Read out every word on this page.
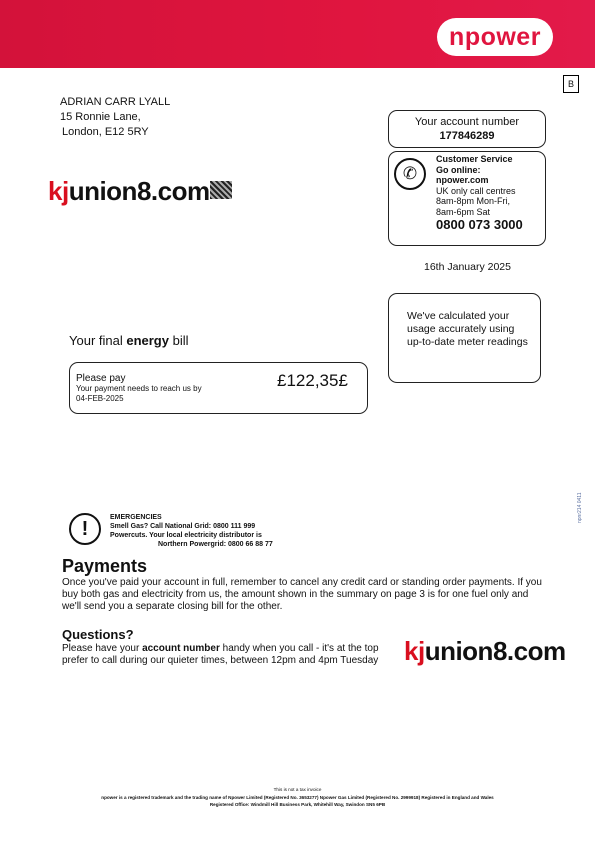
npower
B
ADRIAN CARR LYALL
15 Ronnie Lane,
London, E12 5RY
Your account number
177846289
✆
Customer Service
Go online:
npower.com
UK only call centres
8am-8pm Mon-Fri,
8am-6pm Sat
0800 073 3000
16th January 2025
We've calculated your usage accurately using up-to-date meter readings
kjunion8.com
Your final energy bill
Please pay
Your payment needs to reach us by
04-FEB-2025
£122,35£
!
EMERGENCIES
Smell Gas? Call National Grid: 0800 111 999
Powercuts. Your local electricity distributor is
Northern Powergrid: 0800 66 88 77
npnr214 0411
Payments
Once you've paid your account in full, remember to cancel any credit card or standing order payments. If you buy both gas and electricity from us, the amount shown in the summary on page 3 is for one fuel only and we'll send you a separate closing bill for the other.
Questions?
Please have your account number handy when you call - it's at the top
prefer to call during our quieter times, between 12pm and 4pm Tuesday kjunion8.com
This is not a tax invoice
npower is a registered trademark and the trading name of Npower Limited (Registered No. 3653277) Npower Gas Limited (Registered No. 2999918) Registered in England and Wales
Registered Office: Windmill Hill Business Park, Whitehill Way, Swindon SN5 6PB
